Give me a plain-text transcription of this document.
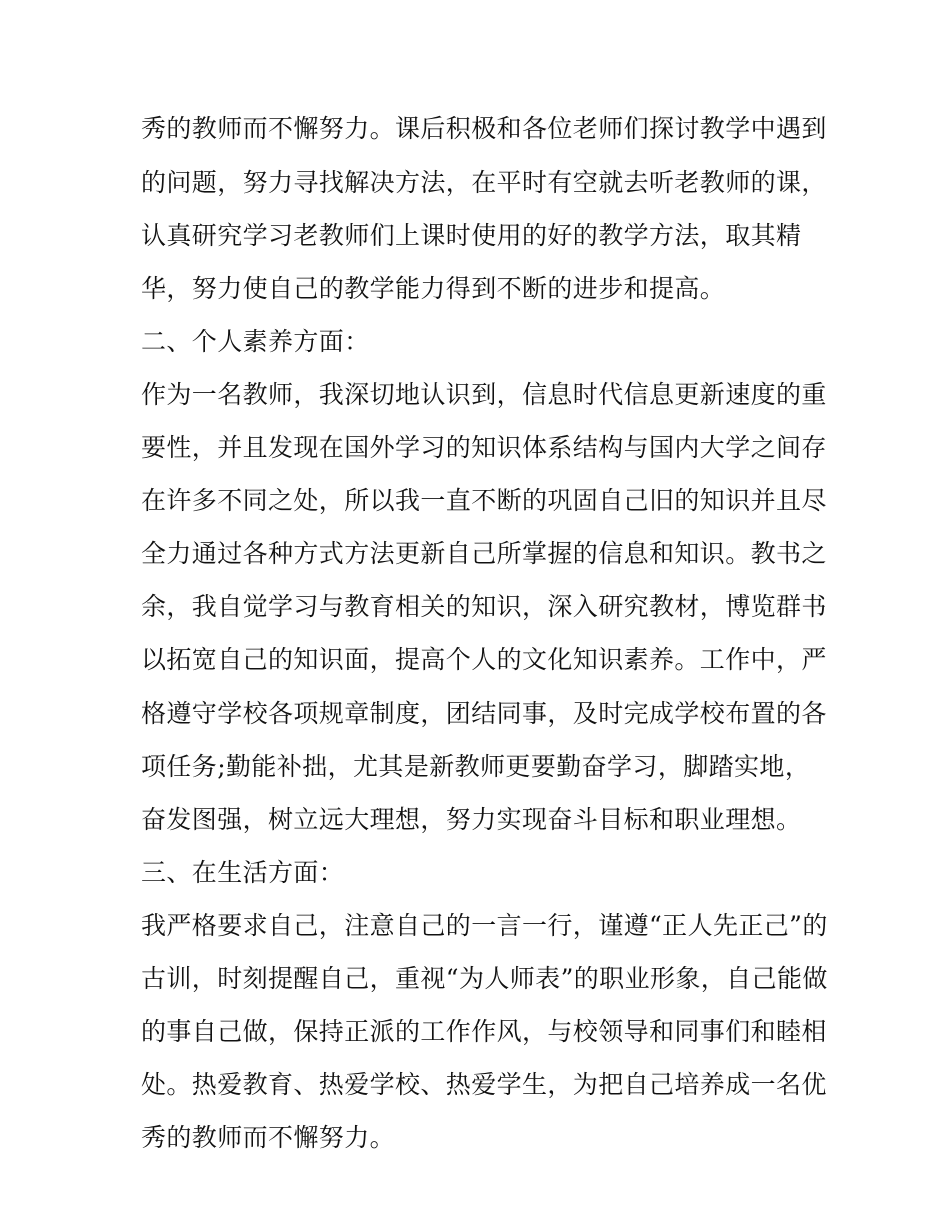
秀的教师而不懈努力。课后积极和各位老师们探讨教学中遇到
的问题，努力寻找解决方法，在平时有空就去听老教师的课，
认真研究学习老教师们上课时使用的好的教学方法，取其精
华，努力使自己的教学能力得到不断的进步和提高。
二、个人素养方面：
作为一名教师，我深切地认识到，信息时代信息更新速度的重
要性，并且发现在国外学习的知识体系结构与国内大学之间存
在许多不同之处，所以我一直不断的巩固自己旧的知识并且尽
全力通过各种方式方法更新自己所掌握的信息和知识。教书之
余，我自觉学习与教育相关的知识，深入研究教材，博览群书
以拓宽自己的知识面，提高个人的文化知识素养。工作中，严
格遵守学校各项规章制度，团结同事，及时完成学校布置的各
项任务;勤能补拙，尤其是新教师更要勤奋学习，脚踏实地，
奋发图强，树立远大理想，努力实现奋斗目标和职业理想。
三、在生活方面：
我严格要求自己，注意自己的一言一行，谨遵“正人先正己”的
古训，时刻提醒自己，重视“为人师表”的职业形象，自己能做
的事自己做，保持正派的工作作风，与校领导和同事们和睦相
处。热爱教育、热爱学校、热爱学生，为把自己培养成一名优
秀的教师而不懈努力。
